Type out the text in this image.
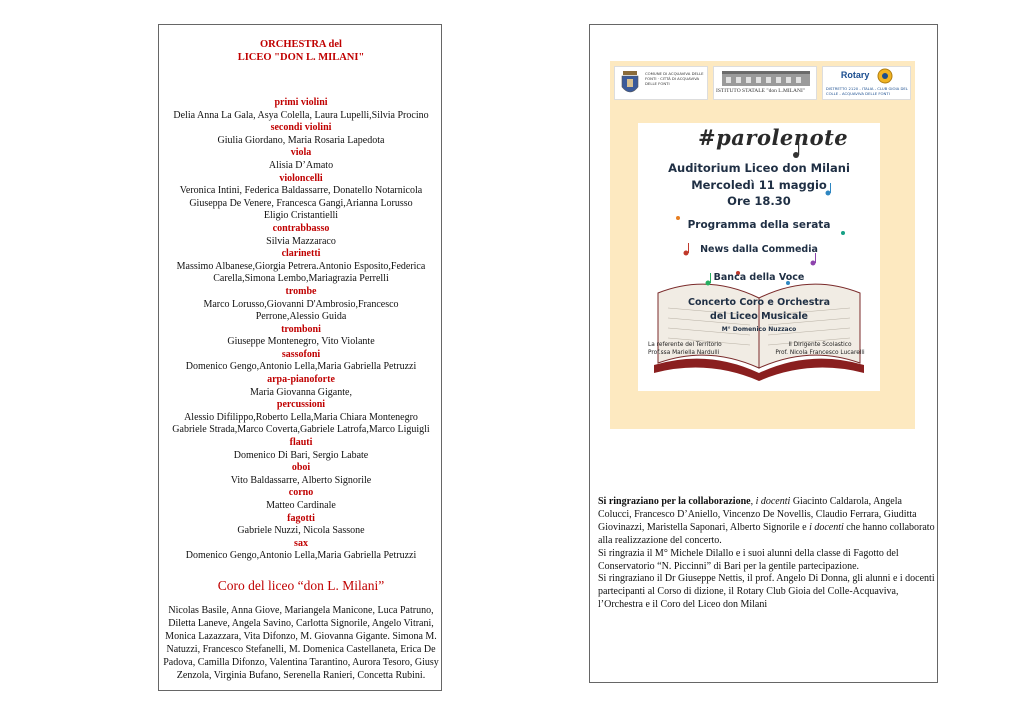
ORCHESTRA del
LICEO "DON L. MILANI"
primi violini
Delia Anna La Gala, Asya Colella, Laura Lupelli,Silvia Procino
secondi violini
Giulia Giordano, Maria Rosaria Lapedota
viola
Alisia D’Amato
violoncelli
Veronica Intini, Federica Baldassarre, Donatello Notarnicola
Giuseppa De Venere, Francesca Gangi,Arianna Lorusso
Eligio Cristantielli
contrabbasso
Silvia Mazzaraco
clarinetti
Massimo Albanese,Giorgia Petrera.Antonio Esposito,Federica
Carella,Simona Lembo,Mariagrazia Perrelli
trombe
Marco Lorusso,Giovanni D'Ambrosio,Francesco
Perrone,Alessio Guida
tromboni
Giuseppe Montenegro, Vito Violante
sassofoni
Domenico Gengo,Antonio Lella,Maria Gabriella Petruzzi
arpa-pianoforte
Maria Giovanna Gigante,
percussioni
Alessio Difilippo,Roberto Lella,Maria Chiara Montenegro
Gabriele Strada,Marco Coverta,Gabriele Latrofa,Marco Liguigli
flauti
Domenico Di Bari, Sergio Labate
oboi
Vito Baldassarre, Alberto Signorile
corno
Matteo Cardinale
fagotti
Gabriele Nuzzi, Nicola Sassone
sax
Domenico Gengo,Antonio Lella,Maria Gabriella Petruzzi
Coro del liceo “don L. Milani”
Nicolas Basile, Anna Giove, Mariangela Manicone, Luca Patruno, Diletta Laneve, Angela Savino, Carlotta Signorile, Angelo Vitrani, Monica Lazazzara, Vita Difonzo, M. Giovanna Gigante. Simona M. Natuzzi, Francesco Stefanelli, M. Domenica Castellaneta, Erica De Padova, Camilla Difonzo, Valentina Tarantino, Aurora Tesoro, Giusy Zenzola, Virginia Bufano, Serenella Ranieri, Concetta Rubini.
COMUNE DI ACQUAVIVA DELLE FONTI · CITTÀ DI ACQUAVIVA DELLE FONTI
ISTITUTO STATALE "don L.MILANI"
Rotary
DISTRETTO 2120 - ITALIA - CLUB GIOIA DEL COLLE - ACQUAVIVA DELLE FONTI
#parolenote
Auditorium Liceo don Milani
Mercoledì 11 maggio
Ore 18.30
Programma della serata
News dalla Commedia
Banca della Voce
Concerto Coro e Orchestra
del Liceo Musicale
M° Domenico Nuzzaco
La referente del Territorio
Prof.ssa Mariella Nardulli
Il Dirigente Scolastico
Prof. Nicola Francesco Lucarelli
Si ringraziano per la collaborazione, i docenti Giacinto Caldarola, Angela Colucci, Francesco D’Aniello, Vincenzo De Novellis, Claudio Ferrara, Giuditta Giovinazzi, Maristella Saponari, Alberto Signorile e i docenti che hanno collaborato alla realizzazione del concerto.
Si ringrazia il M° Michele Dilallo e i suoi alunni della classe di Fagotto del Conservatorio “N. Piccinni” di Bari per la gentile partecipazione.
Si ringraziano il Dr Giuseppe Nettis, il prof. Angelo Di Donna, gli alunni e i docenti partecipanti al Corso di dizione, il Rotary Club Gioia del Colle-Acquaviva, l’Orchestra e il Coro del Liceo don Milani
